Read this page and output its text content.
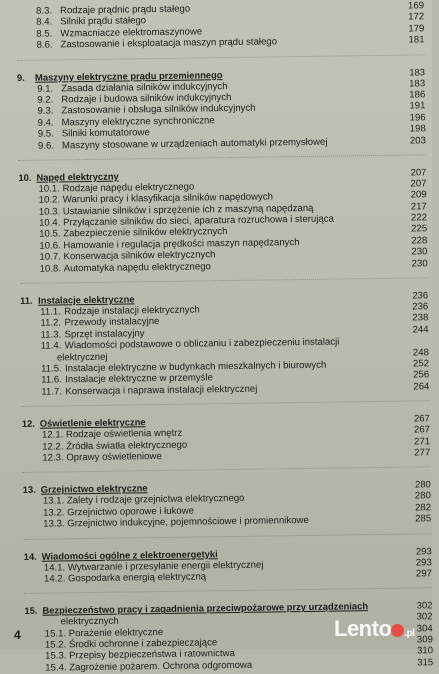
8.3. Rodzaje prądnic prądu stałego	169
8.4. Silniki prądu stałego	172
8.5. Wzmacniacze elektromaszynowe	179
8.6. Zastosowanie i eksploatacja maszyn prądu stałego	181
9. Maszyny elektryczne prądu przemiennego	183
9.1. Zasada działania silników indukcyjnych	183
9.2. Rodzaje i budowa silników indukcyjnych	186
9.3. Zastosowanie i obsługa silników indukcyjnych	191
9.4. Maszyny elektryczne synchroniczne	196
9.5. Silniki komutatorowe	198
9.6. Maszyny stosowane w urządzeniach automatyki przemysłowej	203
10. Napęd elektryczny	207
10.1. Rodzaje napędu elektrycznego	207
10.2. Warunki pracy i klasyfikacja silników napędowych	209
10.3. Ustawianie silników i sprzężenie ich z maszyną napędzaną	217
10.4. Przyłączanie silników do sieci, aparatura rozruchowa i sterująca	222
10.5. Zabezpieczenie silników elektrycznych	225
10.6. Hamowanie i regulacja prędkości maszyn napędzanych	228
10.7. Konserwacja silników elektrycznych	230
10.8. Automatyka napędu elektrycznego	230
11. Instalacje elektryczne	236
11.1. Rodzaje instalacji elektrycznych	236
11.2. Przewody instalacyjne	238
11.3. Sprzęt instalacyjny	244
11.4. Wiadomości podstawowe o obliczaniu i zabezpieczeniu instalacji
elektrycznej	248
11.5. Instalacje elektryczne w budynkach mieszkalnych i biurowych	252
11.6. Instalacje elektryczne w przemyśle	256
11.7. Konserwacja i naprawa instalacji elektrycznej	264
12. Oświetlenie elektryczne	267
12.1. Rodzaje oświetlenia wnętrz	267
12.2. Źródła światła elektrycznego	271
12.3. Oprawy oświetleniowe	277
13. Grzejnictwo elektryczne	280
13.1. Zalety i rodzaje grzejnictwa elektrycznego	280
13.2. Grzejnictwo oporowe i łukowe	282
13.3. Grzejnictwo indukcyjne, pojemnościowe i promiennikowe	285
14. Wiadomości ogólne z elektroenergetyki	293
14.1. Wytwarzanie i przesyłanie energii elektrycznej	293
14.2. Gospodarka energią elektryczną	297
15. Bezpieczeństwo pracy i zagadnienia przeciwpożarowe przy urządzeniach	302
elektrycznych	302
15.1. Porażenie elektryczne	304
15.2. Środki ochronne i zabezpieczające	309
15.3. Przepisy bezpieczeństwa i ratownictwa	310
15.4. Zagrożenie pożarem. Ochrona odgromowa	315
4	Lento .pl
